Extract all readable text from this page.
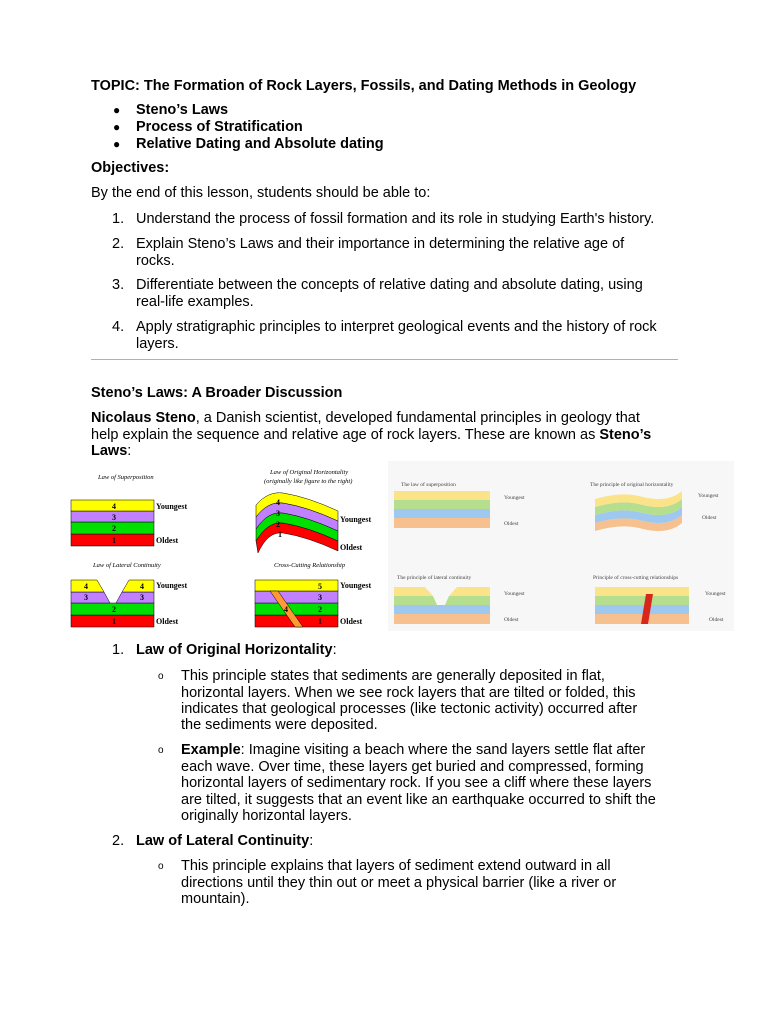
TOPIC: The Formation of Rock Layers, Fossils, and Dating Methods in Geology
● Steno’s Laws
● Process of Stratification
● Relative Dating and Absolute dating
Objectives:
By the end of this lesson, students should be able to:
1. Understand the process of fossil formation and its role in studying Earth's history.
2. Explain Steno’s Laws and their importance in determining the relative age of
rocks.
3. Differentiate between the concepts of relative dating and absolute dating, using
real-life examples.
4. Apply stratigraphic principles to interpret geological events and the history of rock
layers.
Steno’s Laws: A Broader Discussion
Nicolaus Steno, a Danish scientist, developed fundamental principles in geology that
help explain the sequence and relative age of rock layers. These are known as Steno’s
Laws:
Law of Superposition
1
2
3
4	Youngest
Oldest
Law of Original Horizontality
(originally like figure to the right)
4
3
2
1
Youngest
Oldest
Law of Lateral Continuity
4	4
3	3
2
1
Youngest
Oldest
Cross-Cutting Relationship
5
3
2
1
4
Youngest
Oldest
The law of superposition
Youngest
Oldest
The principle of original horizontality
Youngest
Oldest
The principle of lateral continuity
Youngest
Oldest
Principle of cross-cutting relationships
Youngest
Oldest
1. Law of Original Horizontality:
o This principle states that sediments are generally deposited in flat,
horizontal layers. When we see rock layers that are tilted or folded, this
indicates that geological processes (like tectonic activity) occurred after
the sediments were deposited.
o Example: Imagine visiting a beach where the sand layers settle flat after
each wave. Over time, these layers get buried and compressed, forming
horizontal layers of sedimentary rock. If you see a cliff where these layers
are tilted, it suggests that an event like an earthquake occurred to shift the
originally horizontal layers.
2. Law of Lateral Continuity:
o This principle explains that layers of sediment extend outward in all
directions until they thin out or meet a physical barrier (like a river or
mountain).
